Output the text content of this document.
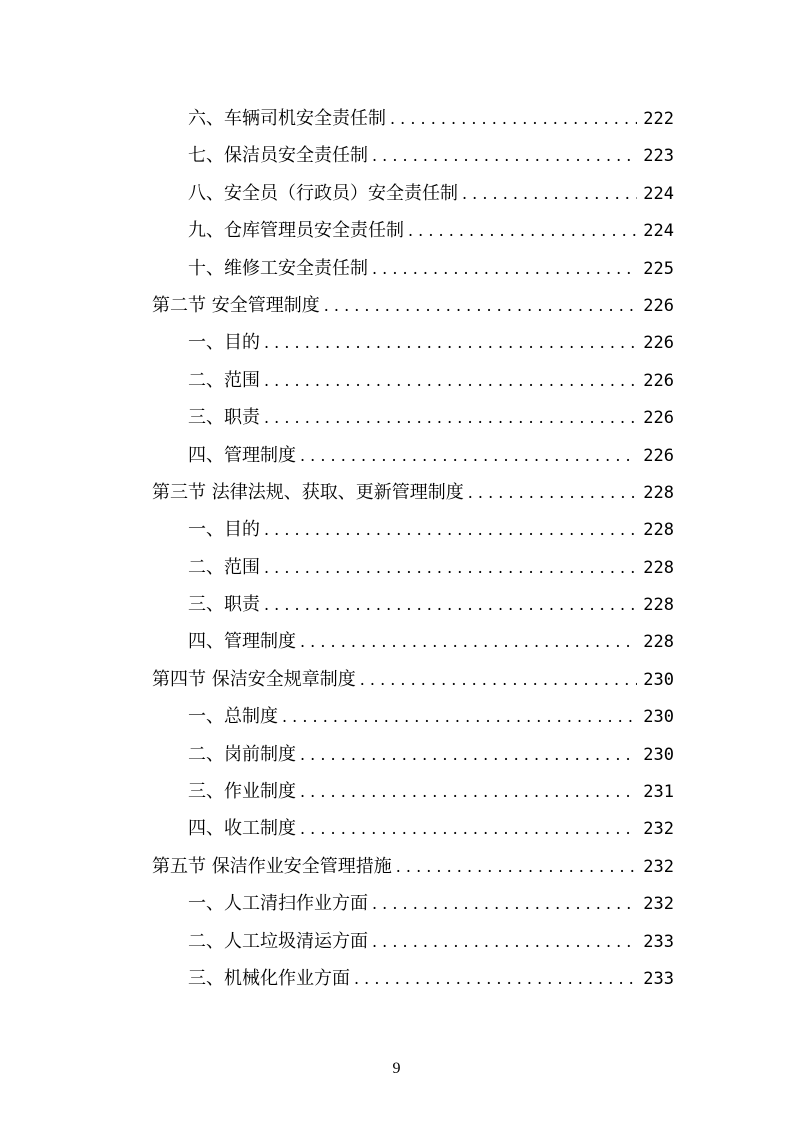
六、车辆司机安全责任制 . . .	222
七、保洁员安全责任制 . . .	223
八、安全员（行政员）安全责任制 . . .	224
九、仓库管理员安全责任制 . . .	224
十、维修工安全责任制 . . .	225
第二节 安全管理制度 . . .	226
一、目的 . . .	226
二、范围 . . .	226
三、职责 . . .	226
四、管理制度 . . .	226
第三节 法律法规、获取、更新管理制度 . . .	228
一、目的 . . .	228
二、范围 . . .	228
三、职责 . . .	228
四、管理制度 . . .	228
第四节 保洁安全规章制度 . . .	230
一、总制度 . . .	230
二、岗前制度 . . .	230
三、作业制度 . . .	231
四、收工制度 . . .	232
第五节 保洁作业安全管理措施 . . .	232
一、人工清扫作业方面 . . .	232
二、人工垃圾清运方面 . . .	233
三、机械化作业方面 . . .	233
9
